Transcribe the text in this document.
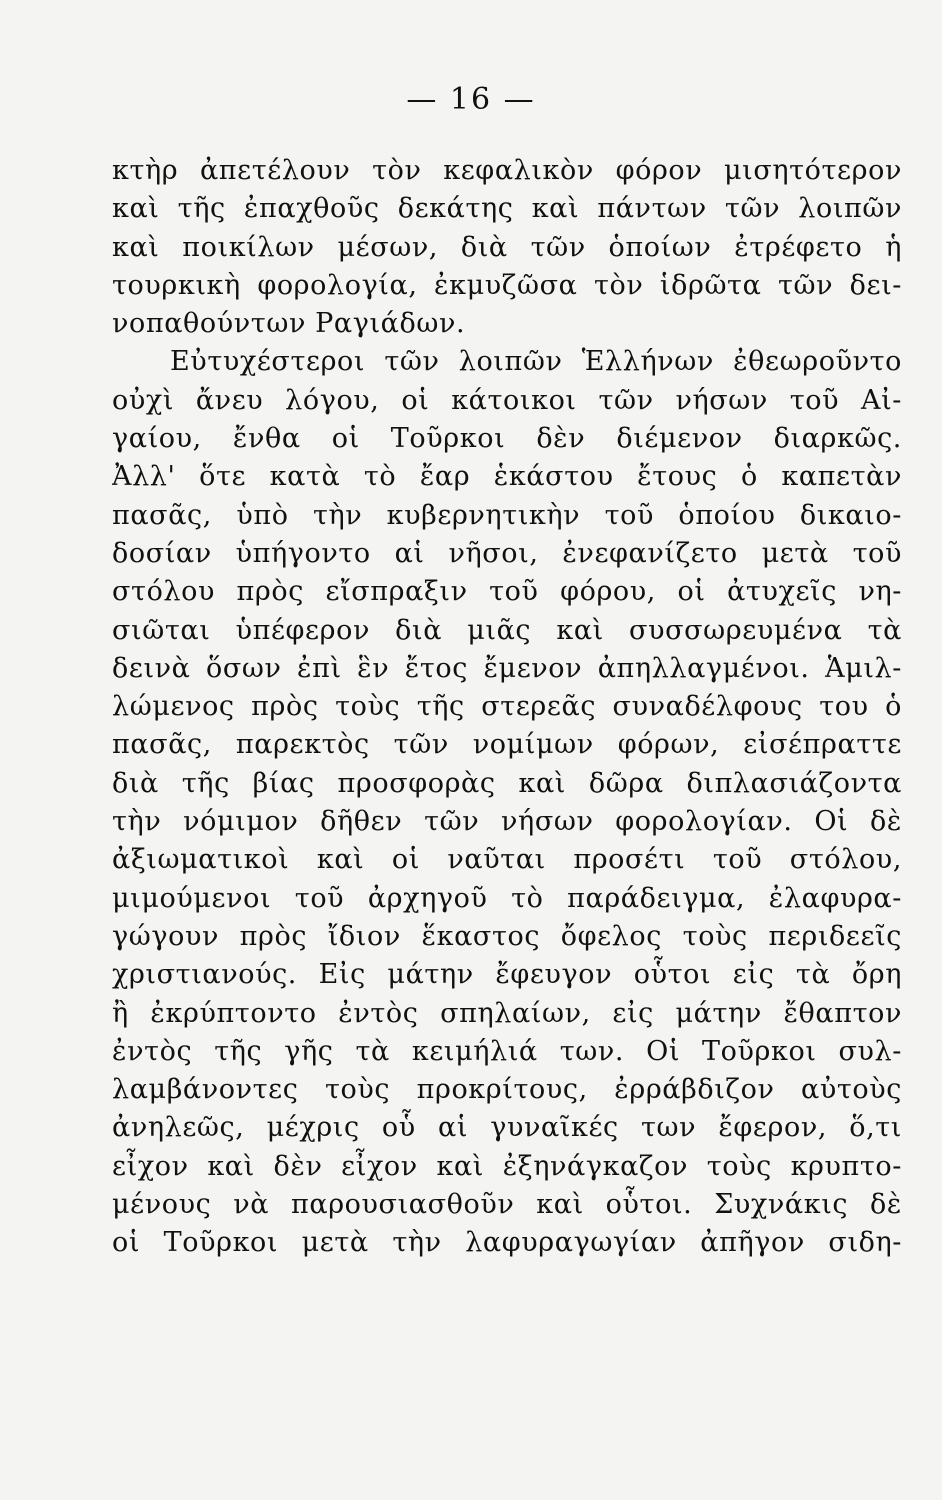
— 16 —
κτὴρ ἀπετέλουν τὸν κεφαλικὸν φόρον μισητότερον
καὶ τῆς ἐπαχθοῦς δεκάτης καὶ πάντων τῶν λοιπῶν
καὶ ποικίλων μέσων, διὰ τῶν ὁποίων ἐτρέφετο ἡ
τουρκικὴ φορολογία, ἐκμυζῶσα τὸν ἱδρῶτα τῶν δει-
νοπαθούντων Ραγιάδων.
Εὐτυχέστεροι τῶν λοιπῶν Ἑλλήνων ἐθεωροῦντο
οὐχὶ ἄνευ λόγου, οἱ κάτοικοι τῶν νήσων τοῦ Αἰ-
γαίου, ἔνθα οἱ Τοῦρκοι δὲν διέμενον διαρκῶς.
Ἀλλ' ὅτε κατὰ τὸ ἔαρ ἑκάστου ἔτους ὁ καπετὰν
πασᾶς, ὑπὸ τὴν κυβερνητικὴν τοῦ ὁποίου δικαιο-
δοσίαν ὑπήγοντο αἱ νῆσοι, ἐνεφανίζετο μετὰ τοῦ
στόλου πρὸς εἴσπραξιν τοῦ φόρου, οἱ ἀτυχεῖς νη-
σιῶται ὑπέφερον διὰ μιᾶς καὶ συσσωρευμένα τὰ
δεινὰ ὅσων ἐπὶ ἓν ἔτος ἔμενον ἀπηλλαγμένοι. Ἁμιλ-
λώμενος πρὸς τοὺς τῆς στερεᾶς συναδέλφους του ὁ
πασᾶς, παρεκτὸς τῶν νομίμων φόρων, εἰσέπραττε
διὰ τῆς βίας προσφορὰς καὶ δῶρα διπλασιάζοντα
τὴν νόμιμον δῆθεν τῶν νήσων φορολογίαν. Οἱ δὲ
ἀξιωματικοὶ καὶ οἱ ναῦται προσέτι τοῦ στόλου,
μιμούμενοι τοῦ ἀρχηγοῦ τὸ παράδειγμα, ἐλαφυρα-
γώγουν πρὸς ἴδιον ἕκαστος ὄφελος τοὺς περιδεεῖς
χριστιανούς. Εἰς μάτην ἔφευγον οὗτοι εἰς τὰ ὄρη
ἢ ἐκρύπτοντο ἐντὸς σπηλαίων, εἰς μάτην ἔθαπτον
ἐντὸς τῆς γῆς τὰ κειμήλιά των. Οἱ Τοῦρκοι συλ-
λαμβάνοντες τοὺς προκρίτους, ἐρράβδιζον αὐτοὺς
ἀνηλεῶς, μέχρις οὗ αἱ γυναῖκές των ἔφερον, ὅ,τι
εἶχον καὶ δὲν εἶχον καὶ ἐξηνάγκαζον τοὺς κρυπτο-
μένους νὰ παρουσιασθοῦν καὶ οὗτοι. Συχνάκις δὲ
οἱ Τοῦρκοι μετὰ τὴν λαφυραγωγίαν ἀπῆγον σιδη-
